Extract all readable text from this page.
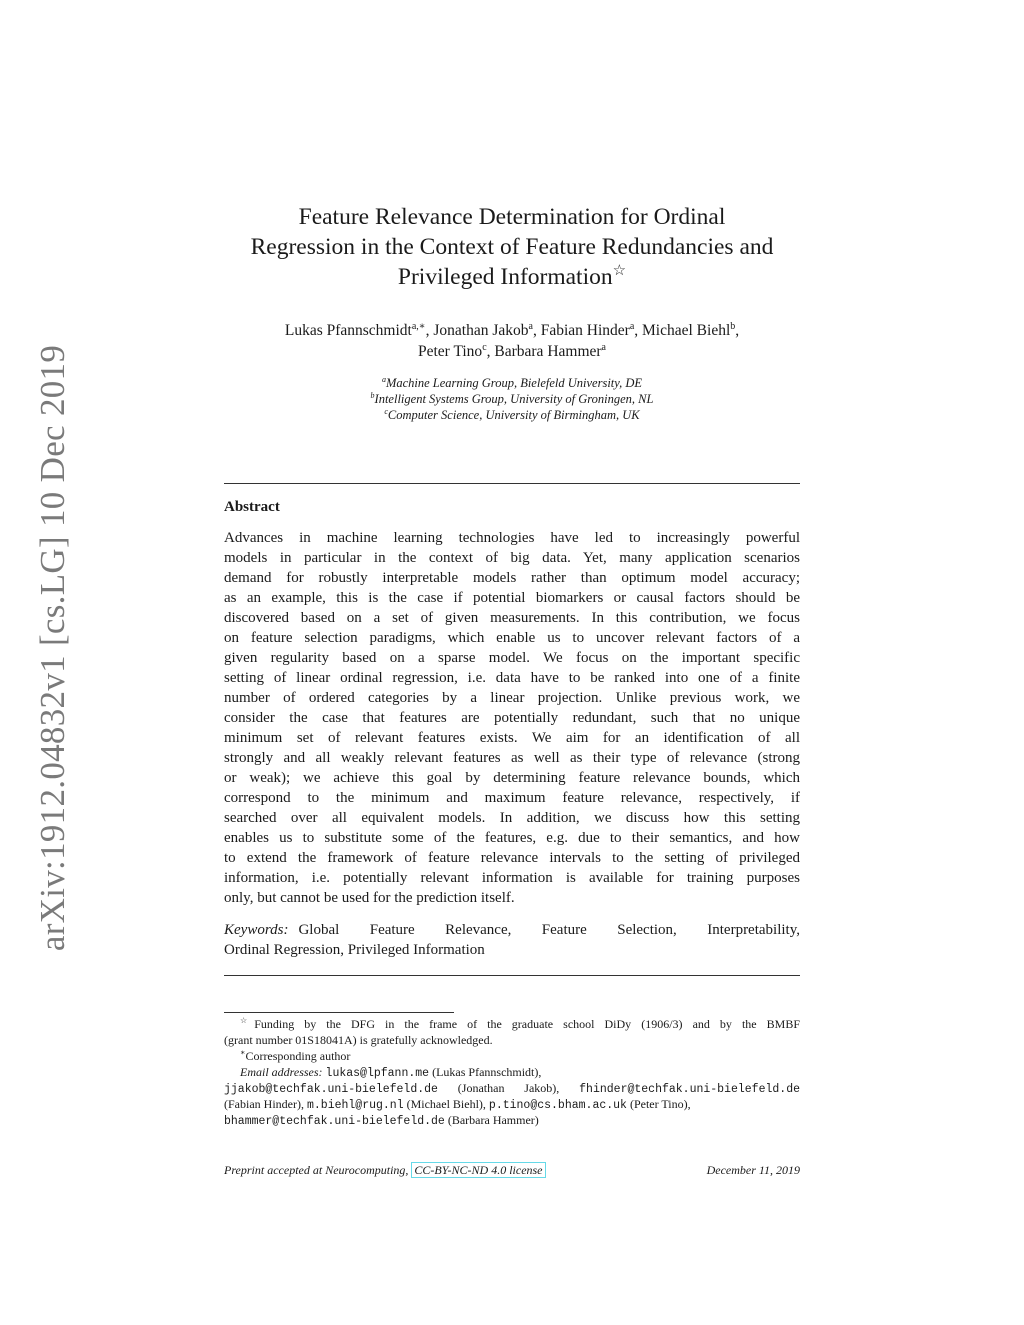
arXiv:1912.04832v1 [cs.LG] 10 Dec 2019
Feature Relevance Determination for Ordinal
Regression in the Context of Feature Redundancies and
Privileged Information☆
Lukas Pfannschmidt$^{a,∗}$, Jonathan Jakob$^a$, Fabian Hinder$^a$, Michael Biehl$^b$,
Peter Tino$^c$, Barbara Hammer$^a$
$^a$Machine Learning Group, Bielefeld University, DE
$^b$Intelligent Systems Group, University of Groningen, NL
$^c$Computer Science, University of Birmingham, UK
Abstract
Advances in machine learning technologies have led to increasingly powerful
models in particular in the context of big data. Yet, many application scenarios
demand for robustly interpretable models rather than optimum model accuracy;
as an example, this is the case if potential biomarkers or causal factors should be
discovered based on a set of given measurements. In this contribution, we focus
on feature selection paradigms, which enable us to uncover relevant factors of a
given regularity based on a sparse model. We focus on the important specific
setting of linear ordinal regression, i.e. data have to be ranked into one of a finite
number of ordered categories by a linear projection. Unlike previous work, we
consider the case that features are potentially redundant, such that no unique
minimum set of relevant features exists. We aim for an identification of all
strongly and all weakly relevant features as well as their type of relevance (strong
or weak); we achieve this goal by determining feature relevance bounds, which
correspond to the minimum and maximum feature relevance, respectively, if
searched over all equivalent models. In addition, we discuss how this setting
enables us to substitute some of the features, e.g. due to their semantics, and how
to extend the framework of feature relevance intervals to the setting of privileged
information, i.e. potentially relevant information is available for training purposes
only, but cannot be used for the prediction itself.
Keywords: Global Feature Relevance, Feature Selection, Interpretability,
Ordinal Regression, Privileged Information
☆Funding by the DFG in the frame of the graduate school DiDy (1906/3) and by the BMBF
(grant number 01S18041A) is gratefully acknowledged.
∗Corresponding author
Email addresses: lukas@lpfann.me (Lukas Pfannschmidt),
jjakob@techfak.uni-bielefeld.de (Jonathan Jakob), fhinder@techfak.uni-bielefeld.de
(Fabian Hinder), m.biehl@rug.nl (Michael Biehl), p.tino@cs.bham.ac.uk (Peter Tino),
bhammer@techfak.uni-bielefeld.de (Barbara Hammer)
Preprint accepted at Neurocomputing, CC-BY-NC-ND 4.0 license	December 11, 2019
